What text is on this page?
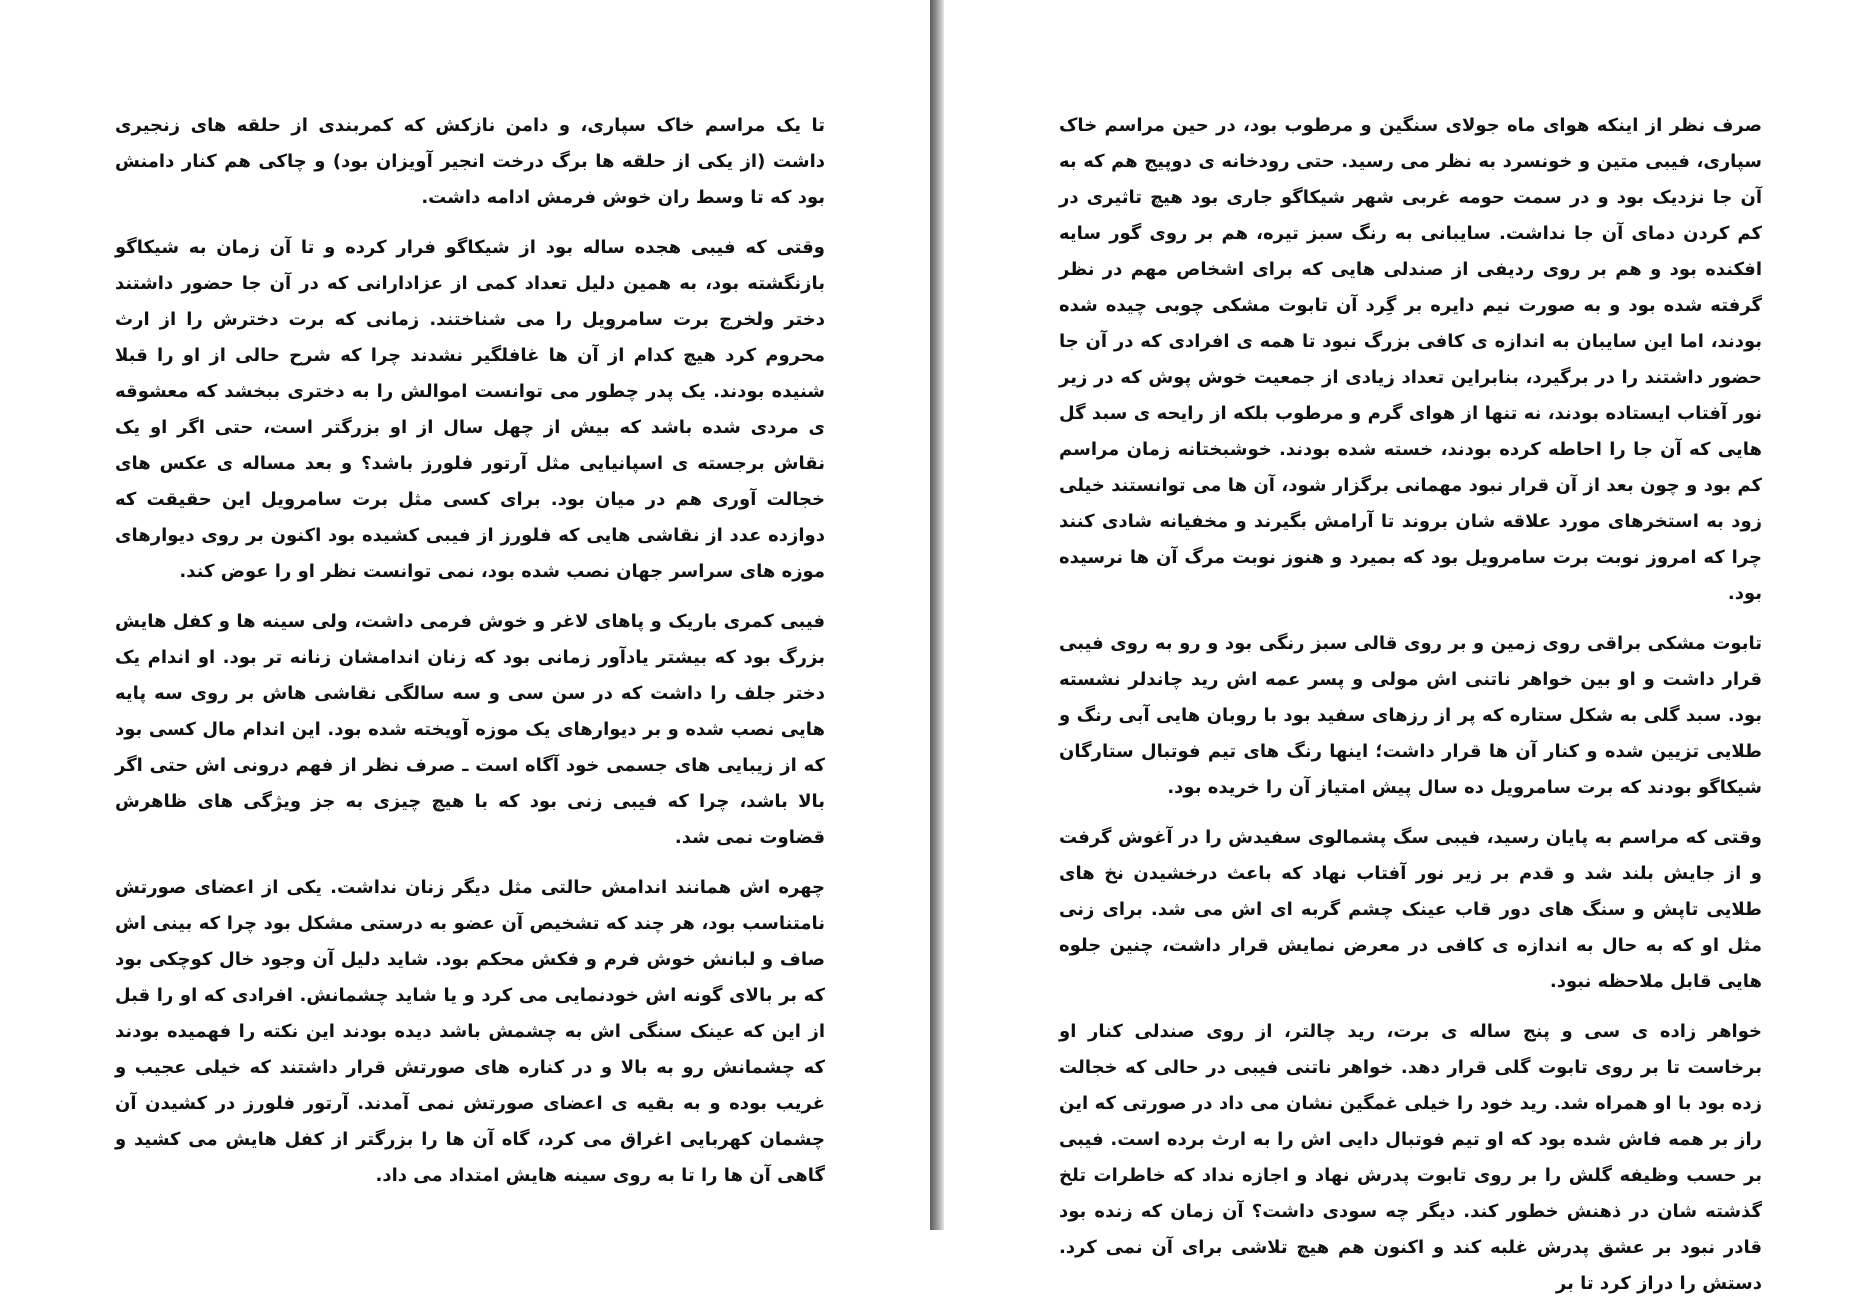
تا یک مراسم خاک سپاری، و دامن نازکش که کمربندی از حلقه های زنجیری داشت (از یکی از حلقه ها برگ درخت انجیر آویزان بود) و چاکی هم کنار دامنش بود که تا وسط ران خوش فرمش ادامه داشت.

وقتی که فیبی هجده ساله بود از شیکاگو فرار کرده و تا آن زمان به شیکاگو بازنگشته بود، به همین دلیل تعداد کمی از عزادارانی که در آن جا حضور داشتند دختر ولخرج برت سامرویل را می شناختند. زمانی که برت دخترش را از ارث محروم کرد هیچ کدام از آن ها غافلگیر نشدند چرا که شرح حالی از او را قبلا شنیده بودند. یک پدر چطور می توانست اموالش را به دختری ببخشد که معشوقه ی مردی شده باشد که بیش از چهل سال از او بزرگتر است، حتی اگر او یک نقاش برجسته ی اسپانیایی مثل آرتور فلورز باشد؟ و بعد مساله ی عکس های خجالت آوری هم در میان بود. برای کسی مثل برت سامرویل این حقیقت که دوازده عدد از نقاشی هایی که فلورز از فیبی کشیده بود اکنون بر روی دیوارهای موزه های سراسر جهان نصب شده بود، نمی توانست نظر او را عوض کند.

فیبی کمری باریک و پاهای لاغر و خوش فرمی داشت، ولی سینه ها و کفل هایش بزرگ بود که بیشتر یادآور زمانی بود که زنان اندامشان زنانه تر بود. او اندام یک دختر جلف را داشت که در سن سی و سه سالگی نقاشی هاش بر روی سه پایه هایی نصب شده و بر دیوارهای یک موزه آویخته شده بود. این اندام مال کسی بود که از زیبایی های جسمی خود آگاه است ـ صرف نظر از فهم درونی اش حتی اگر بالا باشد، چرا که فیبی زنی بود که با هیچ چیزی به جز ویژگی های ظاهرش قضاوت نمی شد.

چهره اش همانند اندامش حالتی مثل دیگر زنان نداشت. یکی از اعضای صورتش نامتناسب بود، هر چند که تشخیص آن عضو به درستی مشکل بود چرا که بینی اش صاف و لبانش خوش فرم و فکش محکم بود. شاید دلیل آن وجود خال کوچکی بود که بر بالای گونه اش خودنمایی می کرد و یا شاید چشمانش. افرادی که او را قبل از این که عینک سنگی اش به چشمش باشد دیده بودند این نکته را فهمیده بودند که چشمانش رو به بالا و در کناره های صورتش قرار داشتند که خیلی عجیب و غریب بوده و به بقیه ی اعضای صورتش نمی آمدند. آرتور فلورز در کشیدن آن چشمان کهربایی اغراق می کرد، گاه آن ها را بزرگتر از کفل هایش می کشید و گاهی آن ها را تا به روی سینه هایش امتداد می داد.

صرف نظر از اینکه هوای ماه جولای سنگین و مرطوب بود، در حین مراسم خاک سپاری، فیبی متین و خونسرد به نظر می رسید. حتی رودخانه ی دوپیج هم که به آن جا نزدیک بود و در سمت حومه غربی شهر شیکاگو جاری بود هیچ تاثیری در کم کردن دمای آن جا نداشت. سایبانی به رنگ سبز تیره، هم بر روی گور سایه افکنده بود و هم بر روی ردیفی از صندلی هایی که برای اشخاص مهم در نظر گرفته شده بود و به صورت نیم دایره بر گِرد آن تابوت مشکی چوبی چیده شده بودند، اما این سایبان به اندازه ی کافی بزرگ نبود تا همه ی افرادی که در آن جا حضور داشتند را در برگیرد، بنابراین تعداد زیادی از جمعیت خوش پوش که در زیر نور آفتاب ایستاده بودند، نه تنها از هوای گرم و مرطوب بلکه از رایحه ی سبد گل هایی که آن جا را احاطه کرده بودند، خسته شده بودند. خوشبختانه زمان مراسم کم بود و چون بعد از آن قرار نبود مهمانی برگزار شود، آن ها می توانستند خیلی زود به استخرهای مورد علاقه شان بروند تا آرامش بگیرند و مخفیانه شادی کنند چرا که امروز نوبت برت سامرویل بود که بمیرد و هنوز نوبت مرگ آن ها نرسیده بود.

تابوت مشکی براقی روی زمین و بر روی قالی سبز رنگی بود و رو به روی فیبی قرار داشت و او بین خواهر ناتنی اش مولی و پسر عمه اش رید چاندلر نشسته بود. سبد گلی به شکل ستاره که پر از رزهای سفید بود با روبان هایی آبی رنگ و طلایی تزیین شده و کنار آن ها قرار داشت؛ اینها رنگ های تیم فوتبال ستارگان شیکاگو بودند که برت سامرویل ده سال پیش امتیاز آن را خریده بود.

وقتی که مراسم به پایان رسید، فیبی سگ پشمالوی سفیدش را در آغوش گرفت و از جایش بلند شد و قدم بر زیر نور آفتاب نهاد که باعث درخشیدن نخ های طلایی تاپش و سنگ های دور قاب عینک چشم گربه ای اش می شد. برای زنی مثل او که به حال به اندازه ی کافی در معرض نمایش قرار داشت، چنین جلوه هایی قابل ملاحظه نبود.

خواهر زاده ی سی و پنج ساله ی برت، رید چالتر، از روی صندلی کنار او برخاست تا بر روی تابوت گلی قرار دهد. خواهر ناتنی فیبی در حالی که خجالت زده بود با او همراه شد. رید خود را خیلی غمگین نشان می داد در صورتی که این راز بر همه فاش شده بود که او تیم فوتبال دایی اش را به ارث برده است. فیبی بر حسب وظیفه گلش را بر روی تابوت پدرش نهاد و اجازه نداد که خاطرات تلخ گذشته شان در ذهنش خطور کند. دیگر چه سودی داشت؟ آن زمان که زنده بود قادر نبود بر عشق پدرش غلبه کند و اکنون هم هیچ تلاشی برای آن نمی کرد. دستش را دراز کرد تا بر
